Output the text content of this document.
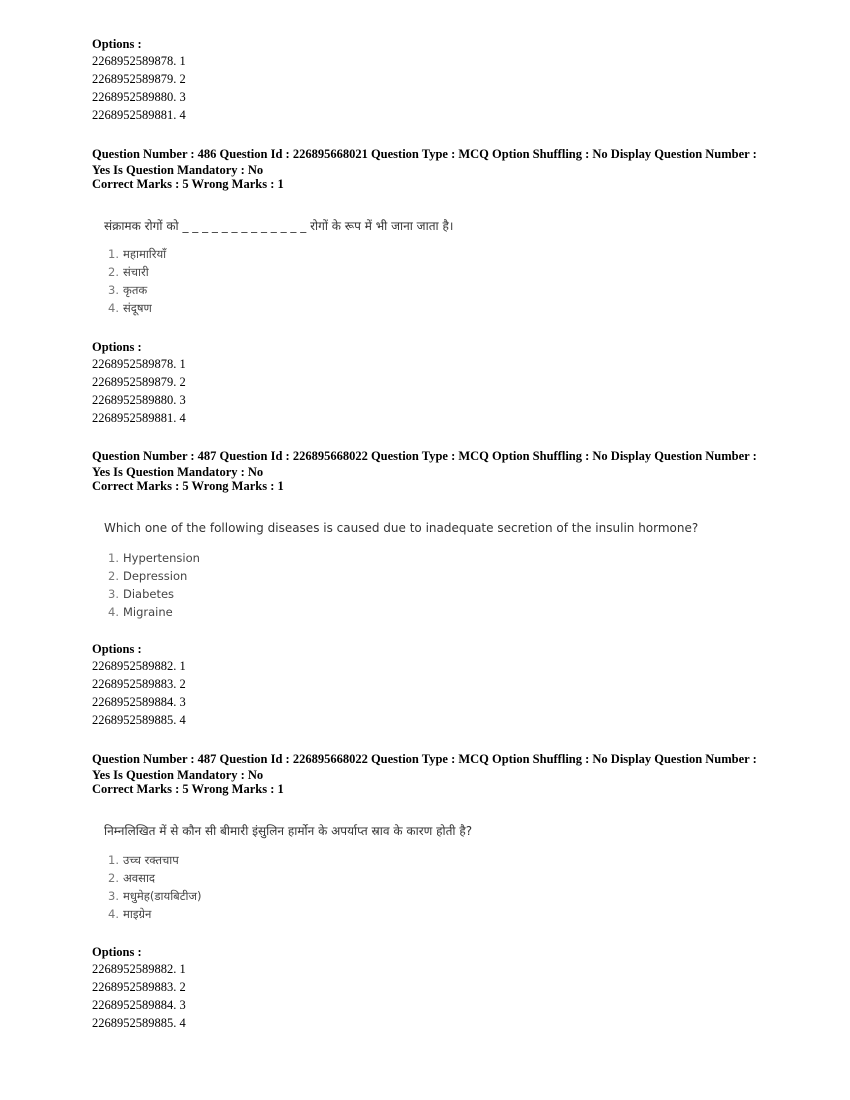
Options :
2268952589878. 1
2268952589879. 2
2268952589880. 3
2268952589881. 4
Question Number : 486 Question Id : 226895668021 Question Type : MCQ Option Shuffling : No Display Question Number : Yes Is Question Mandatory : No
Correct Marks : 5 Wrong Marks : 1
संक्रामक रोगों को _ _ _ _ _ _ _ _ _ _ _ _ _ रोगों के रूप में भी जाना जाता है।
1. महामारियाँ
2. संचारी
3. कृतक
4. संदूषण
Options :
2268952589878. 1
2268952589879. 2
2268952589880. 3
2268952589881. 4
Question Number : 487 Question Id : 226895668022 Question Type : MCQ Option Shuffling : No Display Question Number : Yes Is Question Mandatory : No
Correct Marks : 5 Wrong Marks : 1
Which one of the following diseases is caused due to inadequate secretion of the insulin hormone?
1. Hypertension
2. Depression
3. Diabetes
4. Migraine
Options :
2268952589882. 1
2268952589883. 2
2268952589884. 3
2268952589885. 4
Question Number : 487 Question Id : 226895668022 Question Type : MCQ Option Shuffling : No Display Question Number : Yes Is Question Mandatory : No
Correct Marks : 5 Wrong Marks : 1
निम्नलिखित में से कौन सी बीमारी इंसुलिन हार्मोन के अपर्याप्त स्राव के कारण होती है?
1. उच्च रक्तचाप
2. अवसाद
3. मधुमेह(डायबिटीज)
4. माइग्रेन
Options :
2268952589882. 1
2268952589883. 2
2268952589884. 3
2268952589885. 4
